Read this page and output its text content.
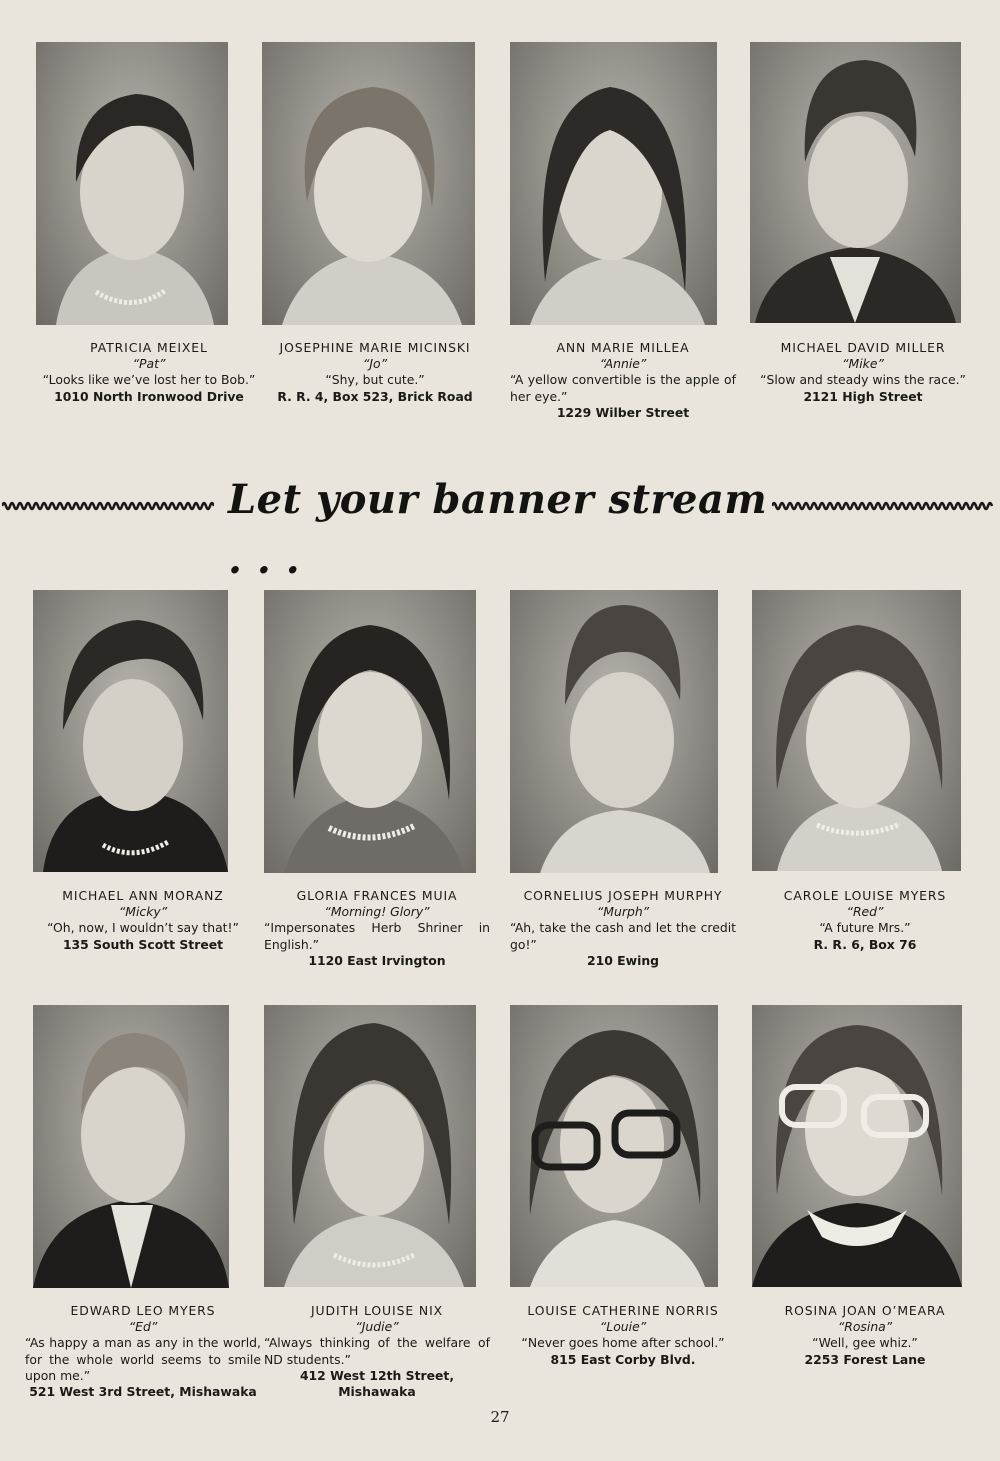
PATRICIA MEIXEL
“Pat”
“Looks like we’ve lost her to Bob.”
1010 North Ironwood Drive
JOSEPHINE MARIE MICINSKI
“Jo”
“Shy, but cute.”
R. R. 4, Box 523, Brick Road
ANN MARIE MILLEA
“Annie”
“A yellow convertible is the apple of her eye.”
1229 Wilber Street
MICHAEL DAVID MILLER
“Mike”
“Slow and steady wins the race.”
2121 High Street
Let your banner stream . . .
MICHAEL ANN MORANZ
“Micky”
“Oh, now, I wouldn’t say that!”
135 South Scott Street
GLORIA FRANCES MUIA
“Morning! Glory”
“Impersonates Herb Shriner in English.”
1120 East Irvington
CORNELIUS JOSEPH MURPHY
“Murph”
“Ah, take the cash and let the credit go!”
210 Ewing
CAROLE LOUISE MYERS
“Red”
“A future Mrs.”
R. R. 6, Box 76
EDWARD LEO MYERS
“Ed”
“As happy a man as any in the world, for the whole world seems to smile upon me.”
521 West 3rd Street, Mishawaka
JUDITH LOUISE NIX
“Judie”
“Always thinking of the welfare of ND students.”
412 West 12th Street, Mishawaka
LOUISE CATHERINE NORRIS
“Louie”
“Never goes home after school.”
815 East Corby Blvd.
ROSINA JOAN O’MEARA
“Rosina”
“Well, gee whiz.”
2253 Forest Lane
27
